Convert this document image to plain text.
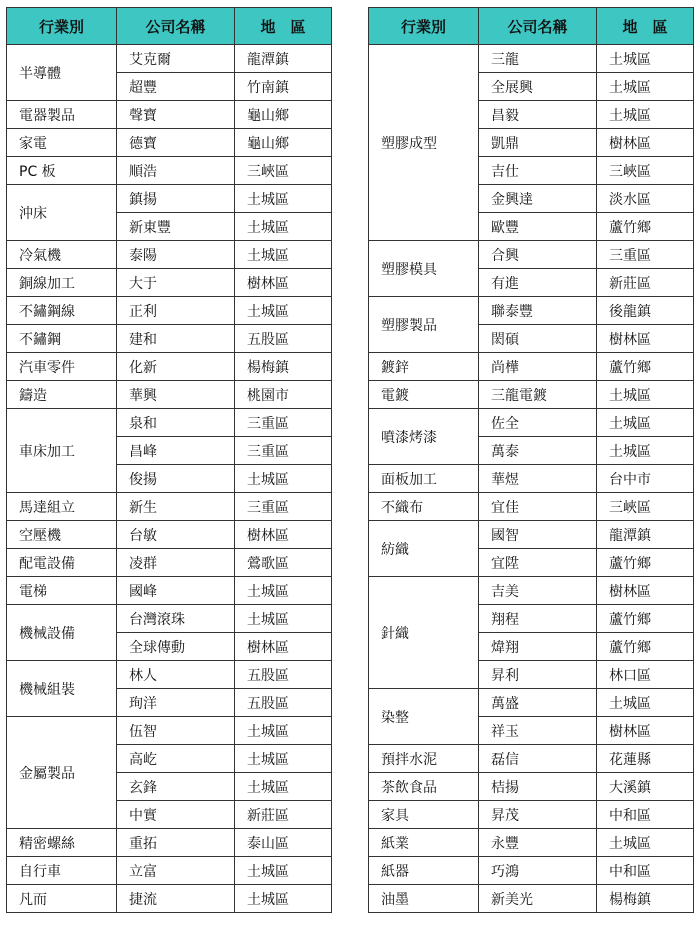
行業別	公司名稱	地　區
半導體	艾克爾	龍潭鎮
	超豐	竹南鎮
電器製品	聲寶	龜山鄉
家電	德寶	龜山鄉
PC 板	順浩	三峽區
沖床	鎮揚	土城區
	新東豐	土城區
冷氣機	泰陽	土城區
銅線加工	大于	樹林區
不鏽鋼線	正利	土城區
不鏽鋼	建和	五股區
汽車零件	化新	楊梅鎮
鑄造	華興	桃園市
車床加工	泉和	三重區
	昌峰	三重區
	俊揚	土城區
馬達組立	新生	三重區
空壓機	台敏	樹林區
配電設備	凌群	鶯歌區
電梯	國峰	土城區
機械設備	台灣滾珠	土城區
	全球傳動	樹林區
機械組裝	林人	五股區
	珣洋	五股區
金屬製品	伍智	土城區
	高屹	土城區
	玄鋒	土城區
	中實	新莊區
精密螺絲	重拓	泰山區
自行車	立富	土城區
凡而	捷流	土城區
行業別	公司名稱	地　區
塑膠成型	三龍	土城區
	全展興	土城區
	昌毅	土城區
	凱鼎	樹林區
	吉仕	三峽區
	金興達	淡水區
	歐豐	蘆竹鄉
塑膠模具	合興	三重區
	有進	新莊區
塑膠製品	聯泰豐	後龍鎮
	閎碩	樹林區
鍍鋅	尚樺	蘆竹鄉
電鍍	三龍電鍍	土城區
噴漆烤漆	佐全	土城區
	萬泰	土城區
面板加工	華煜	台中市
不織布	宜佳	三峽區
紡織	國智	龍潭鎮
	宜陞	蘆竹鄉
針織	吉美	樹林區
	翔程	蘆竹鄉
	煒翔	蘆竹鄉
	昇利	林口區
染整	萬盛	土城區
	祥玉	樹林區
預拌水泥	磊信	花蓮縣
茶飲食品	桔揚	大溪鎮
家具	昇茂	中和區
紙業	永豐	土城區
紙器	巧鴻	中和區
油墨	新美光	楊梅鎮
